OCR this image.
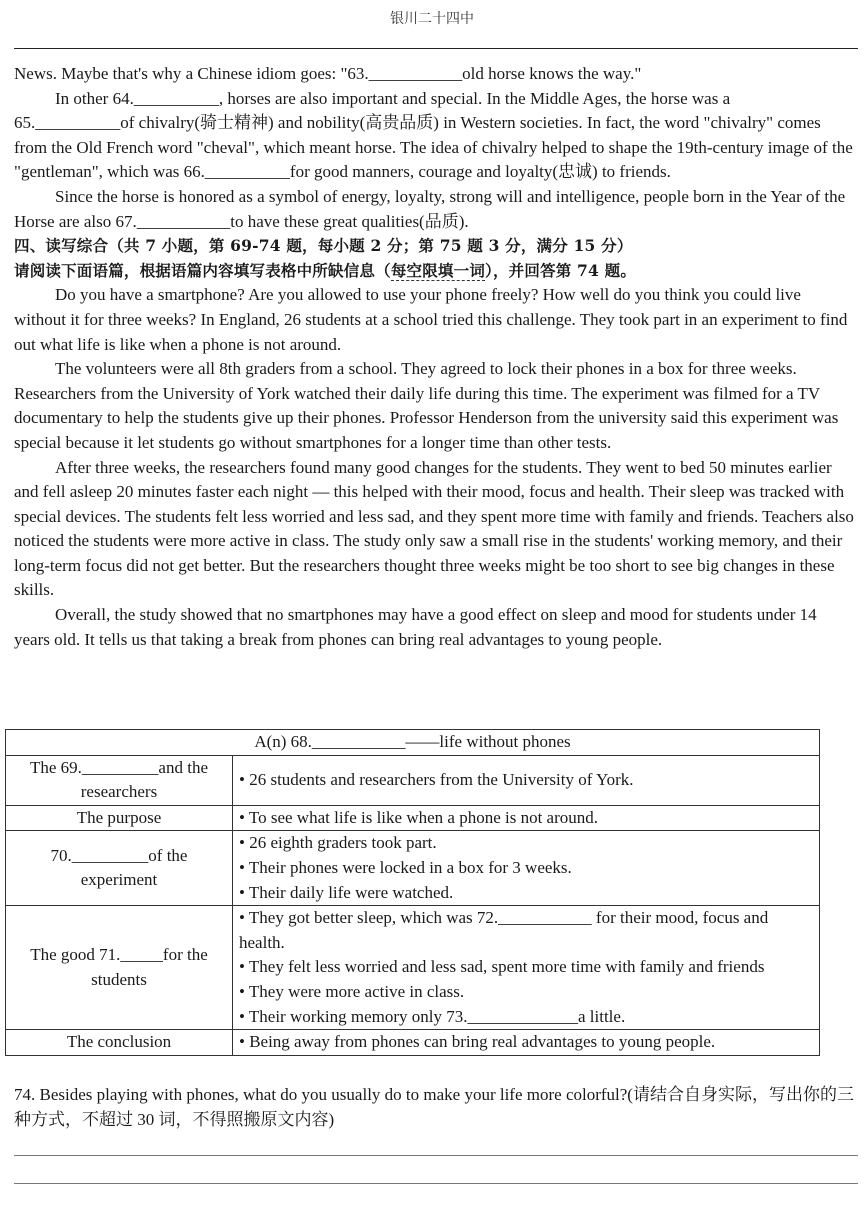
银川二十四中

News. Maybe that's why a Chinese idiom goes: "63.___________old horse knows the way."

In other 64.__________, horses are also important and special. In the Middle Ages, the horse was a 65.__________of chivalry(骑士精神) and nobility(高贵品质) in Western societies. In fact, the word "chivalry" comes from the Old French word "cheval", which meant horse. The idea of chivalry helped to shape the 19th-century image of the "gentleman", which was 66.__________for good manners, courage and loyalty(忠诚) to friends.

Since the horse is honored as a symbol of energy, loyalty, strong will and intelligence, people born in the Year of the Horse are also 67.___________to have these great qualities(品质).

四、读写综合（共 7 小题，第 69-74 题，每小题 2 分；第 75 题 3 分，满分 15 分）

请阅读下面语篇，根据语篇内容填写表格中所缺信息（每空限填一词），并回答第 74 题。

Do you have a smartphone? Are you allowed to use your phone freely? How well do you think you could live without it for three weeks? In England, 26 students at a school tried this challenge. They took part in an experiment to find out what life is like when a phone is not around.

The volunteers were all 8th graders from a school. They agreed to lock their phones in a box for three weeks. Researchers from the University of York watched their daily life during this time. The experiment was filmed for a TV documentary to help the students give up their phones. Professor Henderson from the university said this experiment was special because it let students go without smartphones for a longer time than other tests.

After three weeks, the researchers found many good changes for the students. They went to bed 50 minutes earlier and fell asleep 20 minutes faster each night — this helped with their mood, focus and health. Their sleep was tracked with special devices. The students felt less worried and less sad, and they spent more time with family and friends. Teachers also noticed the students were more active in class. The study only saw a small rise in the students' working memory, and their long-term focus did not get better. But the researchers thought three weeks might be too short to see big changes in these skills.

Overall, the study showed that no smartphones may have a good effect on sleep and mood for students under 14 years old. It tells us that taking a break from phones can bring real advantages to young people.

A(n) 68.___________——life without phones	
The 69._________and the researchers	• 26 students and researchers from the University of York.

The purpose	• To see what life is like when a phone is not around.

70._________of the experiment	• 26 eighth graders took part.
• Their phones were locked in a box for 3 weeks.
• Their daily life were watched.

The good 71._____for the students	• They got better sleep, which was 72.___________ for their mood, focus and health.
• They felt less worried and less sad, spent more time with family and friends
• They were more active in class.
• Their working memory only 73._____________a little.

The conclusion	• Being away from phones can bring real advantages to young people.
74. Besides playing with phones, what do you usually do to make your life more colorful?(请结合自身实际，写出你的三种方式，不超过 30 词，不得照搬原文内容)
